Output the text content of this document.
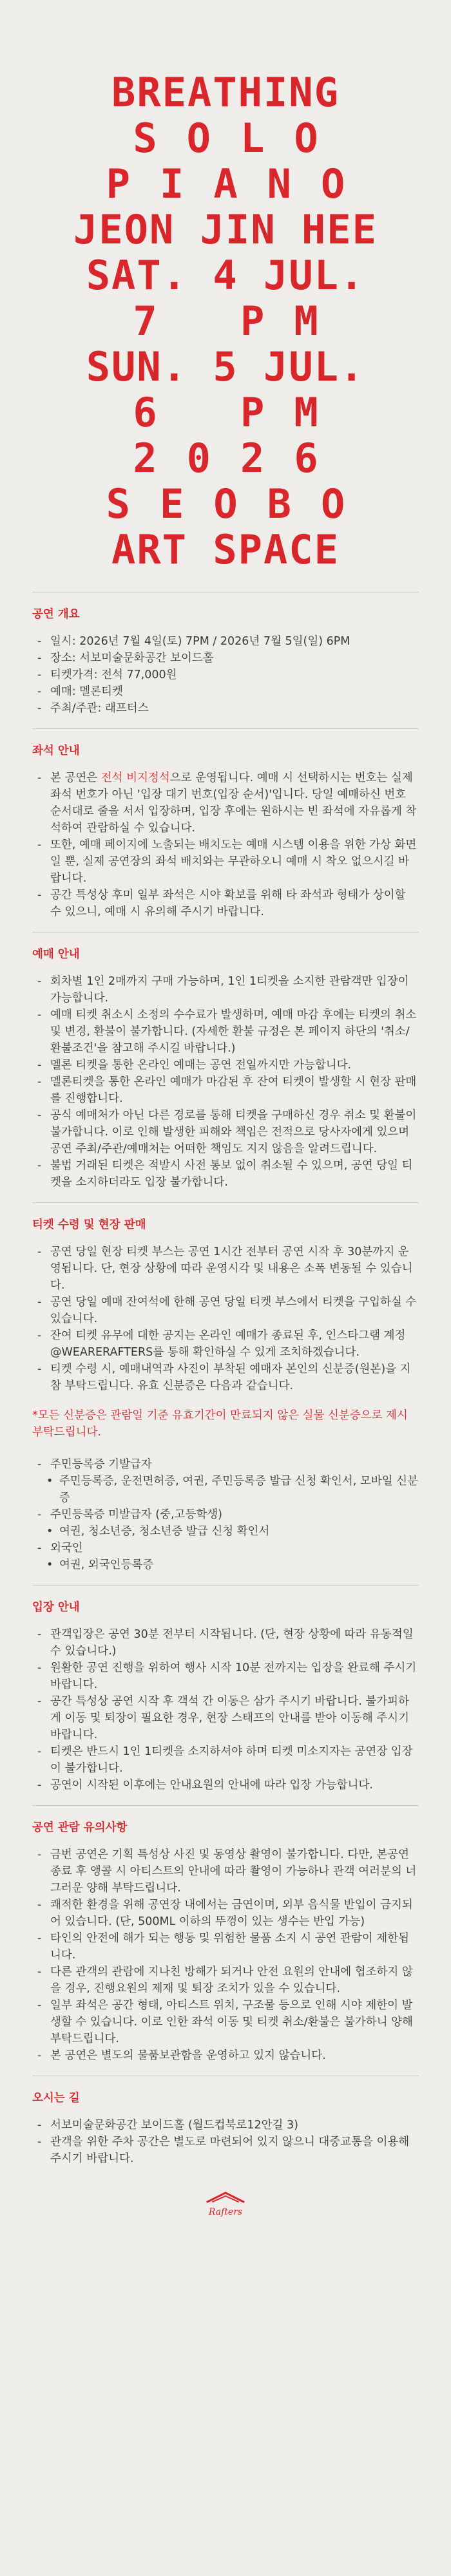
BREATHING
SOLO
PIANO
JEON JIN HEE
SAT. 4 JUL.
7 PM
SUN. 5 JUL.
6 PM
2026
SEOBO
ART SPACE
공연 개요
- 일시: 2026년 7월 4일(토) 7PM / 2026년 7월 5일(일) 6PM
- 장소: 서보미술문화공간 보이드홀
- 티켓가격: 전석 77,000원
- 예매: 멜론티켓
- 주최/주관: 래프터스
좌석 안내
- 본 공연은 전석 비지정석으로 운영됩니다. 예매 시 선택하시는 번호는 실제 좌석 번호가 아닌 '입장 대기 번호(입장 순서)'입니다. 당일 예매하신 번호 순서대로 줄을 서서 입장하며, 입장 후에는 원하시는 빈 좌석에 자유롭게 착석하여 관람하실 수 있습니다.
- 또한, 예매 페이지에 노출되는 배치도는 예매 시스템 이용을 위한 가상 화면일 뿐, 실제 공연장의 좌석 배치와는 무관하오니 예매 시 착오 없으시길 바랍니다.
- 공간 특성상 후미 일부 좌석은 시야 확보를 위해 타 좌석과 형태가 상이할 수 있으니, 예매 시 유의해 주시기 바랍니다.
예매 안내
- 회차별 1인 2매까지 구매 가능하며, 1인 1티켓을 소지한 관람객만 입장이 가능합니다.
- 예매 티켓 취소시 소정의 수수료가 발생하며, 예매 마감 후에는 티켓의 취소 및 변경, 환불이 불가합니다. (자세한 환불 규정은 본 페이지 하단의 '취소/환불조건'을 참고해 주시길 바랍니다.)
- 멜론 티켓을 통한 온라인 예매는 공연 전일까지만 가능합니다.
- 멜론티켓을 통한 온라인 예매가 마감된 후 잔여 티켓이 발생할 시 현장 판매를 진행합니다.
- 공식 예매처가 아닌 다른 경로를 통해 티켓을 구매하신 경우 취소 및 환불이 불가합니다. 이로 인해 발생한 피해와 책임은 전적으로 당사자에게 있으며 공연 주최/주관/예매처는 어떠한 책임도 지지 않음을 알려드립니다.
- 불법 거래된 티켓은 적발시 사전 통보 없이 취소될 수 있으며, 공연 당일 티켓을 소지하더라도 입장 불가합니다.
티켓 수령 및 현장 판매
- 공연 당일 현장 티켓 부스는 공연 1시간 전부터 공연 시작 후 30분까지 운영됩니다. 단, 현장 상황에 따라 운영시각 및 내용은 소폭 변동될 수 있습니다.
- 공연 당일 예매 잔여석에 한해 공연 당일 티켓 부스에서 티켓을 구입하실 수 있습니다.
- 잔여 티켓 유무에 대한 공지는 온라인 예매가 종료된 후, 인스타그램 계정 @WEARERAFTERS를 통해 확인하실 수 있게 조치하겠습니다.
- 티켓 수령 시, 예매내역과 사진이 부착된 예매자 본인의 신분증(원본)을 지참 부탁드립니다. 유효 신분증은 다음과 같습니다.

*모든 신분증은 관람일 기준 유효기간이 만료되지 않은 실물 신분증으로 제시 부탁드립니다.

- 주민등록증 기발급자
• 주민등록증, 운전면허증, 여권, 주민등록증 발급 신청 확인서, 모바일 신분증
- 주민등록증 미발급자 (중,고등학생)
• 여권, 청소년증, 청소년증 발급 신청 확인서
- 외국인
• 여권, 외국인등록증
입장 안내
- 관객입장은 공연 30분 전부터 시작됩니다. (단, 현장 상황에 따라 유동적일 수 있습니다.)
- 원활한 공연 진행을 위하여 행사 시작 10분 전까지는 입장을 완료해 주시기 바랍니다.
- 공간 특성상 공연 시작 후 객석 간 이동은 삼가 주시기 바랍니다. 불가피하게 이동 및 퇴장이 필요한 경우, 현장 스태프의 안내를 받아 이동해 주시기 바랍니다.
- 티켓은 반드시 1인 1티켓을 소지하셔야 하며 티켓 미소지자는 공연장 입장이 불가합니다.
- 공연이 시작된 이후에는 안내요원의 안내에 따라 입장 가능합니다.
공연 관람 유의사항
- 금번 공연은 기획 특성상 사진 및 동영상 촬영이 불가합니다. 다만, 본공연 종료 후 앵콜 시 아티스트의 안내에 따라 촬영이 가능하나 관객 여러분의 너그러운 양해 부탁드립니다.
- 쾌적한 환경을 위해 공연장 내에서는 금연이며, 외부 음식물 반입이 금지되어 있습니다. (단, 500ML 이하의 뚜껑이 있는 생수는 반입 가능)
- 타인의 안전에 해가 되는 행동 및 위험한 물품 소지 시 공연 관람이 제한됩니다.
- 다른 관객의 관람에 지나친 방해가 되거나 안전 요원의 안내에 협조하지 않을 경우, 진행요원의 제재 및 퇴장 조치가 있을 수 있습니다.
- 일부 좌석은 공간 형태, 아티스트 위치, 구조물 등으로 인해 시야 제한이 발생할 수 있습니다. 이로 인한 좌석 이동 및 티켓 취소/환불은 불가하니 양해 부탁드립니다.
- 본 공연은 별도의 물품보관함을 운영하고 있지 않습니다.
오시는 길
- 서보미술문화공간 보이드홀 (월드컵북로12안길 3)
- 관객을 위한 주차 공간은 별도로 마련되어 있지 않으니 대중교통을 이용해 주시기 바랍니다.
Rafters
